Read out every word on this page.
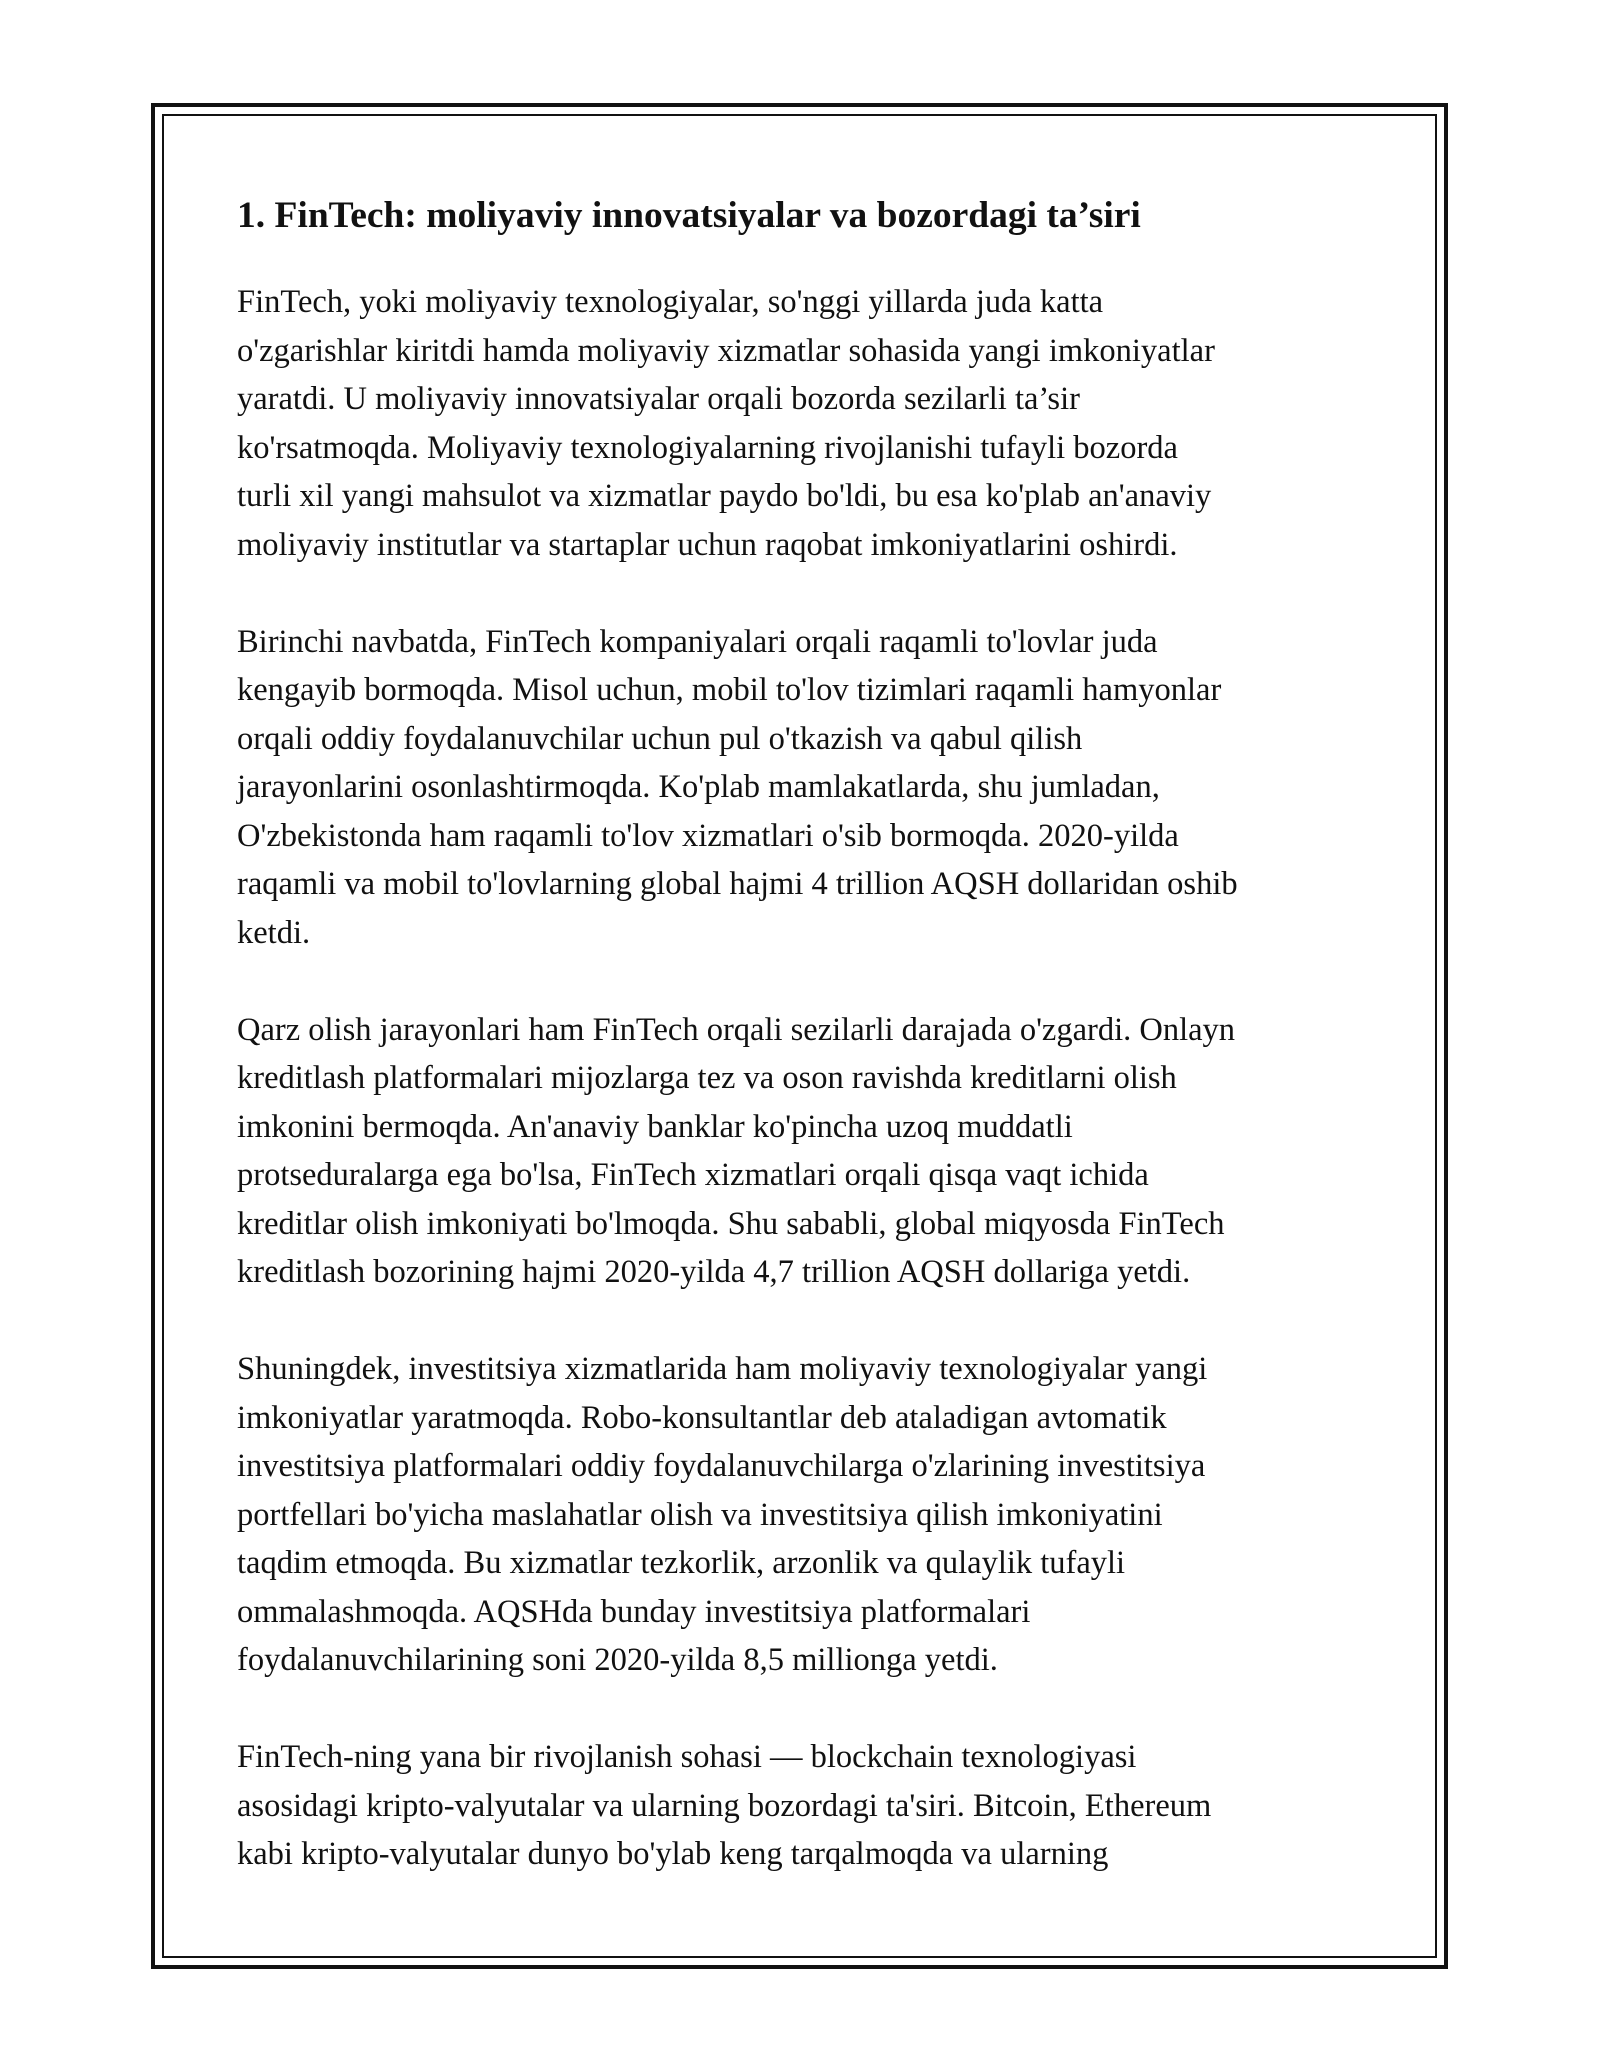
1. FinTech: moliyaviy innovatsiyalar va bozordagi ta’siri

FinTech, yoki moliyaviy texnologiyalar, so'nggi yillarda juda katta
o'zgarishlar kiritdi hamda moliyaviy xizmatlar sohasida yangi imkoniyatlar
yaratdi. U moliyaviy innovatsiyalar orqali bozorda sezilarli ta’sir
ko'rsatmoqda. Moliyaviy texnologiyalarning rivojlanishi tufayli bozorda
turli xil yangi mahsulot va xizmatlar paydo bo'ldi, bu esa ko'plab an'anaviy
moliyaviy institutlar va startaplar uchun raqobat imkoniyatlarini oshirdi.

Birinchi navbatda, FinTech kompaniyalari orqali raqamli to'lovlar juda
kengayib bormoqda. Misol uchun, mobil to'lov tizimlari raqamli hamyonlar
orqali oddiy foydalanuvchilar uchun pul o'tkazish va qabul qilish
jarayonlarini osonlashtirmoqda. Ko'plab mamlakatlarda, shu jumladan,
O'zbekistonda ham raqamli to'lov xizmatlari o'sib bormoqda. 2020-yilda
raqamli va mobil to'lovlarning global hajmi 4 trillion AQSH dollaridan oshib
ketdi.

Qarz olish jarayonlari ham FinTech orqali sezilarli darajada o'zgardi. Onlayn
kreditlash platformalari mijozlarga tez va oson ravishda kreditlarni olish
imkonini bermoqda. An'anaviy banklar ko'pincha uzoq muddatli
protseduralarga ega bo'lsa, FinTech xizmatlari orqali qisqa vaqt ichida
kreditlar olish imkoniyati bo'lmoqda. Shu sababli, global miqyosda FinTech
kreditlash bozorining hajmi 2020-yilda 4,7 trillion AQSH dollariga yetdi.

Shuningdek, investitsiya xizmatlarida ham moliyaviy texnologiyalar yangi
imkoniyatlar yaratmoqda. Robo-konsultantlar deb ataladigan avtomatik
investitsiya platformalari oddiy foydalanuvchilarga o'zlarining investitsiya
portfellari bo'yicha maslahatlar olish va investitsiya qilish imkoniyatini
taqdim etmoqda. Bu xizmatlar tezkorlik, arzonlik va qulaylik tufayli
ommalashmoqda. AQSHda bunday investitsiya platformalari
foydalanuvchilarining soni 2020-yilda 8,5 millionga yetdi.

FinTech-ning yana bir rivojlanish sohasi — blockchain texnologiyasi
asosidagi kripto-valyutalar va ularning bozordagi ta'siri. Bitcoin, Ethereum
kabi kripto-valyutalar dunyo bo'ylab keng tarqalmoqda va ularning
